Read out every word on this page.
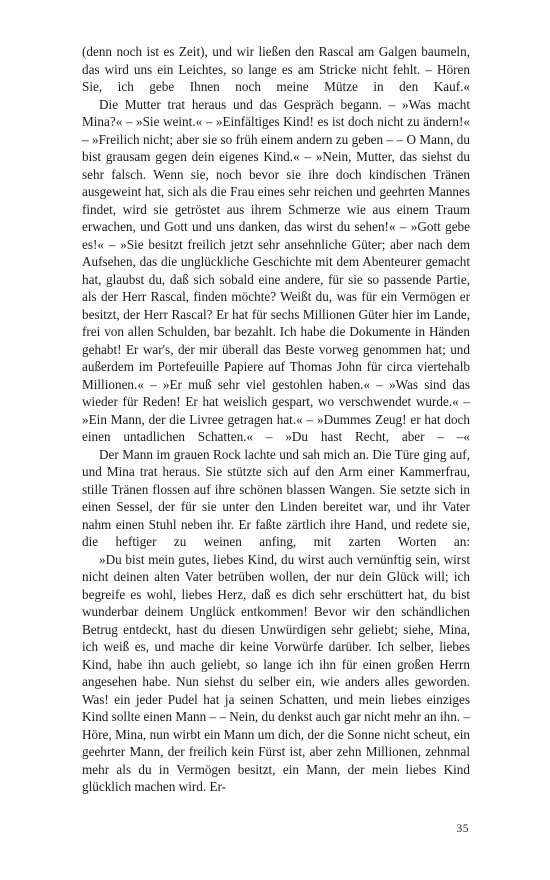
(denn noch ist es Zeit), und wir ließen den Rascal am Galgen baumeln, das wird uns ein Leichtes, so lange es am Stricke nicht fehlt. – Hören Sie, ich gebe Ihnen noch meine Mütze in den Kauf.«

Die Mutter trat heraus und das Gespräch begann. – »Was macht Mina?« – »Sie weint.« – »Einfältiges Kind! es ist doch nicht zu ändern!« – »Freilich nicht; aber sie so früh einem andern zu geben – – O Mann, du bist grausam gegen dein eigenes Kind.« – »Nein, Mutter, das siehst du sehr falsch. Wenn sie, noch bevor sie ihre doch kindischen Tränen ausgeweint hat, sich als die Frau eines sehr reichen und geehrten Mannes findet, wird sie getröstet aus ihrem Schmerze wie aus einem Traum erwachen, und Gott und uns danken, das wirst du sehen!« – »Gott gebe es!« – »Sie besitzt freilich jetzt sehr ansehnliche Güter; aber nach dem Aufsehen, das die unglückliche Geschichte mit dem Abenteurer gemacht hat, glaubst du, daß sich sobald eine andere, für sie so passende Partie, als der Herr Rascal, finden möchte? Weißt du, was für ein Vermögen er besitzt, der Herr Rascal? Er hat für sechs Millionen Güter hier im Lande, frei von allen Schulden, bar bezahlt. Ich habe die Dokumente in Händen gehabt! Er war's, der mir überall das Beste vorweg genommen hat; und außerdem im Portefeuille Papiere auf Thomas John für circa viertehalb Millionen.« – »Er muß sehr viel gestohlen haben.« – »Was sind das wieder für Reden! Er hat weislich gespart, wo verschwendet wurde.« – »Ein Mann, der die Livree getragen hat.« – »Dummes Zeug! er hat doch einen untadlichen Schatten.« – »Du hast Recht, aber – –«

Der Mann im grauen Rock lachte und sah mich an. Die Türe ging auf, und Mina trat heraus. Sie stützte sich auf den Arm einer Kammerfrau, stille Tränen flossen auf ihre schönen blassen Wangen. Sie setzte sich in einen Sessel, der für sie unter den Linden bereitet war, und ihr Vater nahm einen Stuhl neben ihr. Er faßte zärtlich ihre Hand, und redete sie, die heftiger zu weinen anfing, mit zarten Worten an:

»Du bist mein gutes, liebes Kind, du wirst auch vernünftig sein, wirst nicht deinen alten Vater betrüben wollen, der nur dein Glück will; ich begreife es wohl, liebes Herz, daß es dich sehr erschüttert hat, du bist wunderbar deinem Unglück entkommen! Bevor wir den schändlichen Betrug entdeckt, hast du diesen Unwürdigen sehr geliebt; siehe, Mina, ich weiß es, und mache dir keine Vorwürfe darüber. Ich selber, liebes Kind, habe ihn auch geliebt, so lange ich ihn für einen großen Herrn angesehen habe. Nun siehst du selber ein, wie anders alles geworden. Was! ein jeder Pudel hat ja seinen Schatten, und mein liebes einziges Kind sollte einen Mann – – Nein, du denkst auch gar nicht mehr an ihn. – Höre, Mina, nun wirbt ein Mann um dich, der die Sonne nicht scheut, ein geehrter Mann, der freilich kein Fürst ist, aber zehn Millionen, zehnmal mehr als du in Vermögen besitzt, ein Mann, der mein liebes Kind glücklich machen wird. Er-

35
